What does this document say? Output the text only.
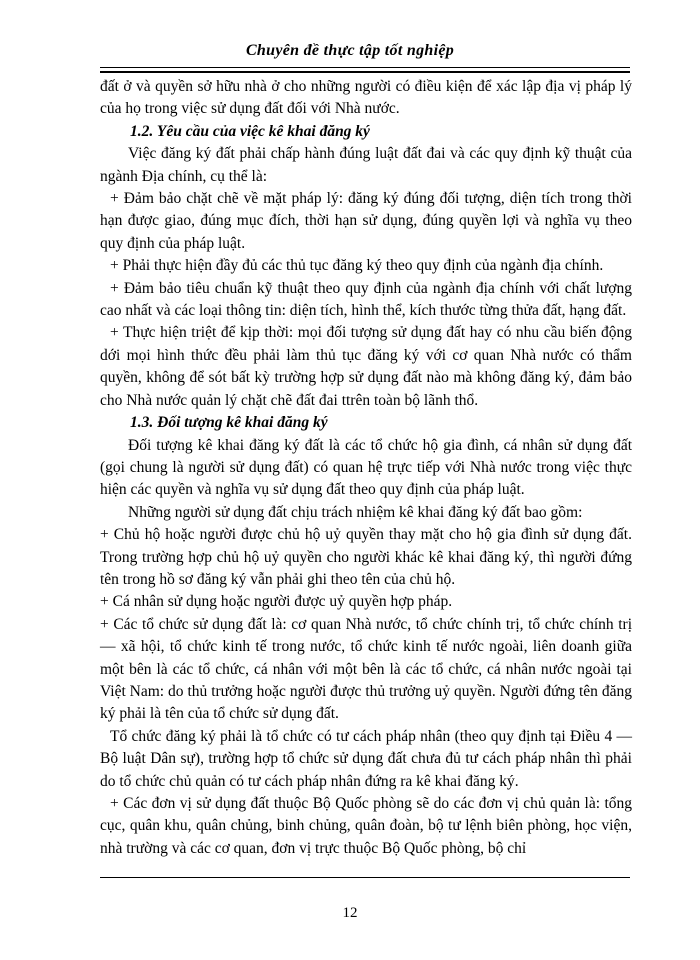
Chuyên đề thực tập tốt nghiệp

đất ở và quyền sở hữu nhà ở cho những người có điều kiện để xác lập địa vị pháp lý của họ trong việc sử dụng đất đối với Nhà nước.

1.2. Yêu cầu của việc kê khai đăng ký

Việc đăng ký đất phải chấp hành đúng luật đất đai và các quy định kỹ thuật của ngành Địa chính, cụ thể là:

+ Đảm bảo chặt chẽ về mặt pháp lý: đăng ký đúng đối tượng, diện tích trong thời hạn được giao, đúng mục đích, thời hạn sử dụng, đúng quyền lợi và nghĩa vụ theo quy định của pháp luật.

+ Phải thực hiện đầy đủ các thủ tục đăng ký theo quy định của ngành địa chính.

+ Đảm bảo tiêu chuẩn kỹ thuật theo quy định của ngành địa chính với chất lượng cao nhất và các loại thông tin: diện tích, hình thể, kích thước từng thửa đất, hạng đất.

+ Thực hiện triệt để kịp thời: mọi đối tượng sử dụng đất hay có nhu cầu biến động dới mọi hình thức đều phải làm thủ tục đăng ký với cơ quan Nhà nước có thẩm quyền, không để sót bất kỳ trường hợp sử dụng đất nào mà không đăng ký, đảm bảo cho Nhà nước quản lý chặt chẽ đất đai ttrên toàn bộ lãnh thổ.

1.3. Đối tượng kê khai đăng ký

Đối tượng kê khai đăng ký đất là các tổ chức hộ gia đình, cá nhân sử dụng đất (gọi chung là người sử dụng đất) có quan hệ trực tiếp với Nhà nước trong việc thực hiện các quyền và nghĩa vụ sử dụng đất theo quy định của pháp luật.

Những người sử dụng đất chịu trách nhiệm kê khai đăng ký đất bao gồm:

+ Chủ hộ hoặc người được chủ hộ uỷ quyền thay mặt cho hộ gia đình sử dụng đất. Trong trường hợp chủ hộ uỷ quyền cho người khác kê khai đăng ký, thì người đứng tên trong hồ sơ đăng ký vẫn phải ghi theo tên của chủ hộ.

+ Cá nhân sử dụng hoặc người được uỷ quyền hợp pháp.

+ Các tổ chức sử dụng đất là: cơ quan Nhà nước, tổ chức chính trị, tổ chức chính trị — xã hội, tổ chức kinh tế trong nước, tổ chức kinh tế nước ngoài, liên doanh giữa một bên là các tổ chức, cá nhân với một bên là các tổ chức, cá nhân nước ngoài tại Việt Nam: do thủ trưởng hoặc người được thủ trưởng uỷ quyền. Người đứng tên đăng ký phải là tên của tổ chức sử dụng đất.

Tổ chức đăng ký phải là tổ chức có tư cách pháp nhân (theo quy định tại Điều 4 — Bộ luật Dân sự), trường hợp tổ chức sử dụng đất chưa đủ tư cách pháp nhân thì phải do tổ chức chủ quản có tư cách pháp nhân đứng ra kê khai đăng ký.

+ Các đơn vị sử dụng đất thuộc Bộ Quốc phòng sẽ do các đơn vị chủ quản là: tổng cục, quân khu, quân chủng, binh chủng, quân đoàn, bộ tư lệnh biên phòng, học viện, nhà trường và các cơ quan, đơn vị trực thuộc Bộ Quốc phòng, bộ chỉ

12
